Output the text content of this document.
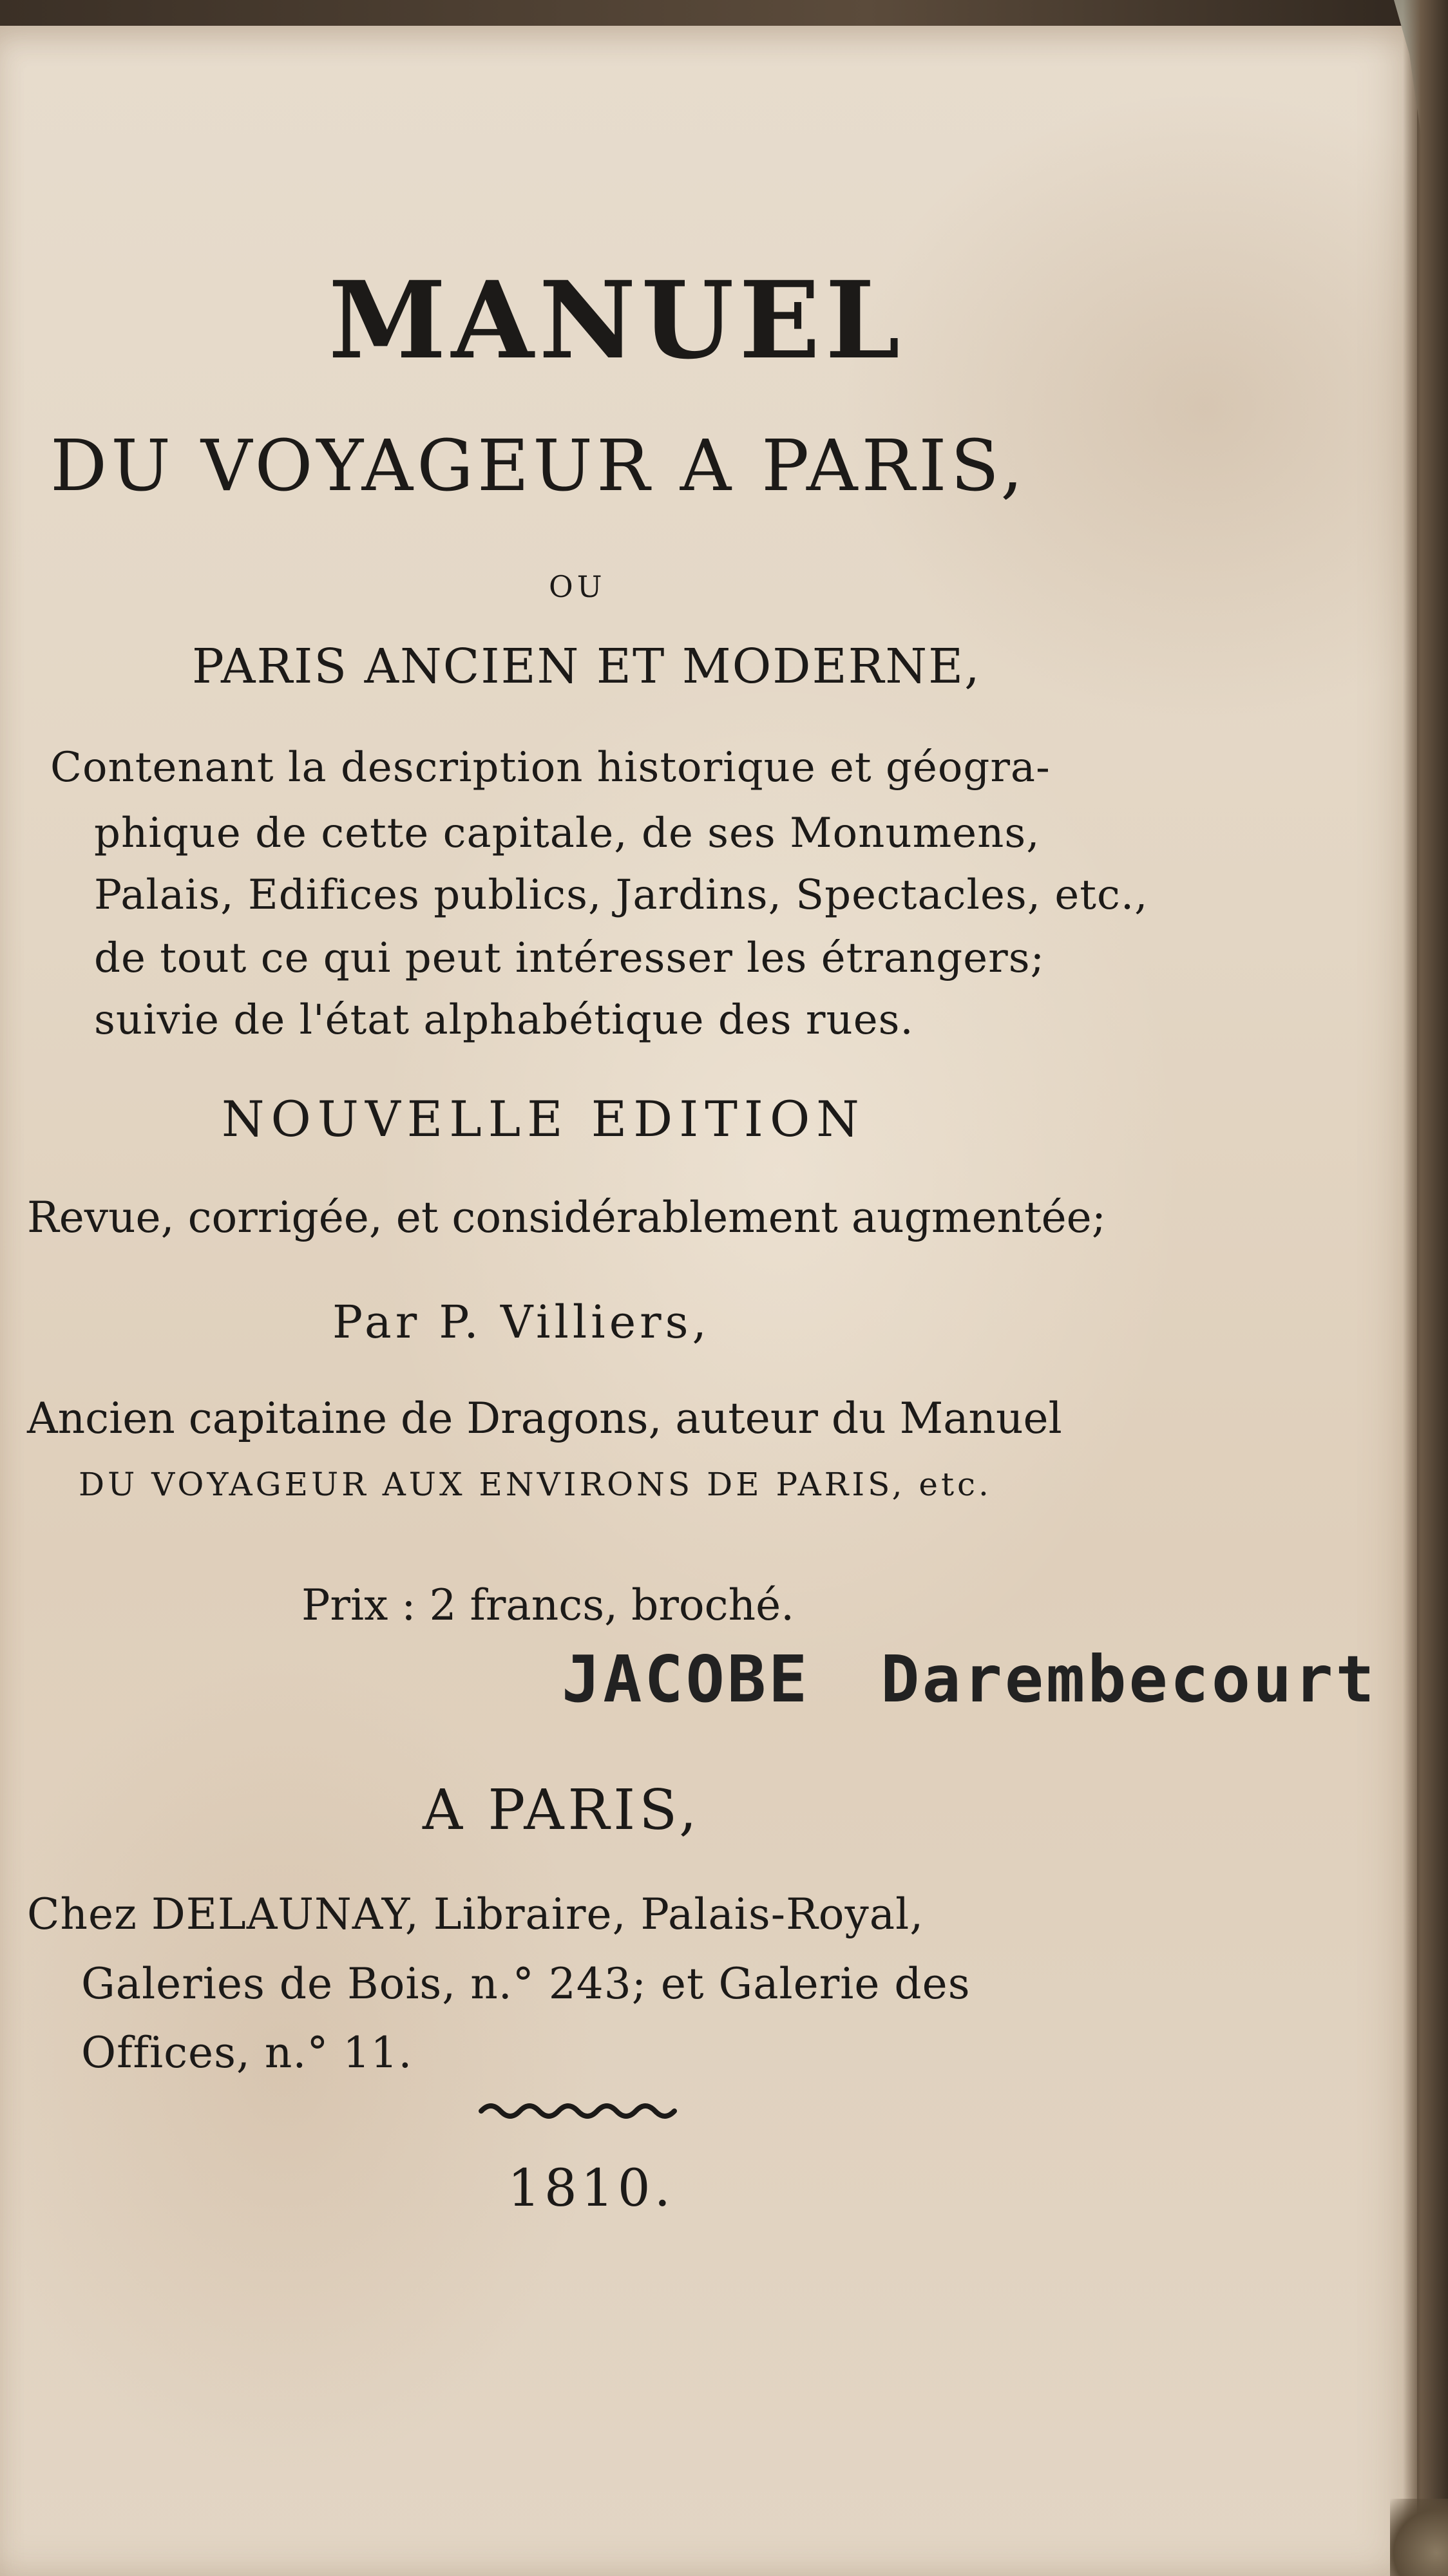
MANUEL
DU VOYAGEUR A PARIS,
OU
PARIS ANCIEN ET MODERNE,
Contenant la description historique et géogra-
phique de cette capitale, de ses Monumens,
Palais, Edifices publics, Jardins, Spectacles, etc.,
de tout ce qui peut intéresser les étrangers;
suivie de l'état alphabétique des rues.
NOUVELLE EDITION
Revue, corrigée, et considérablement augmentée;
Par P. Villiers,
Ancien capitaine de Dragons, auteur du Manuel
DU VOYAGEUR AUX ENVIRONS DE PARIS, etc.
Prix : 2 francs, broché.
JACOBE Darembecourt
A PARIS,
Chez DELAUNAY, Libraire, Palais-Royal,
Galeries de Bois, n.° 243; et Galerie des
Offices, n.° 11.
1810.
